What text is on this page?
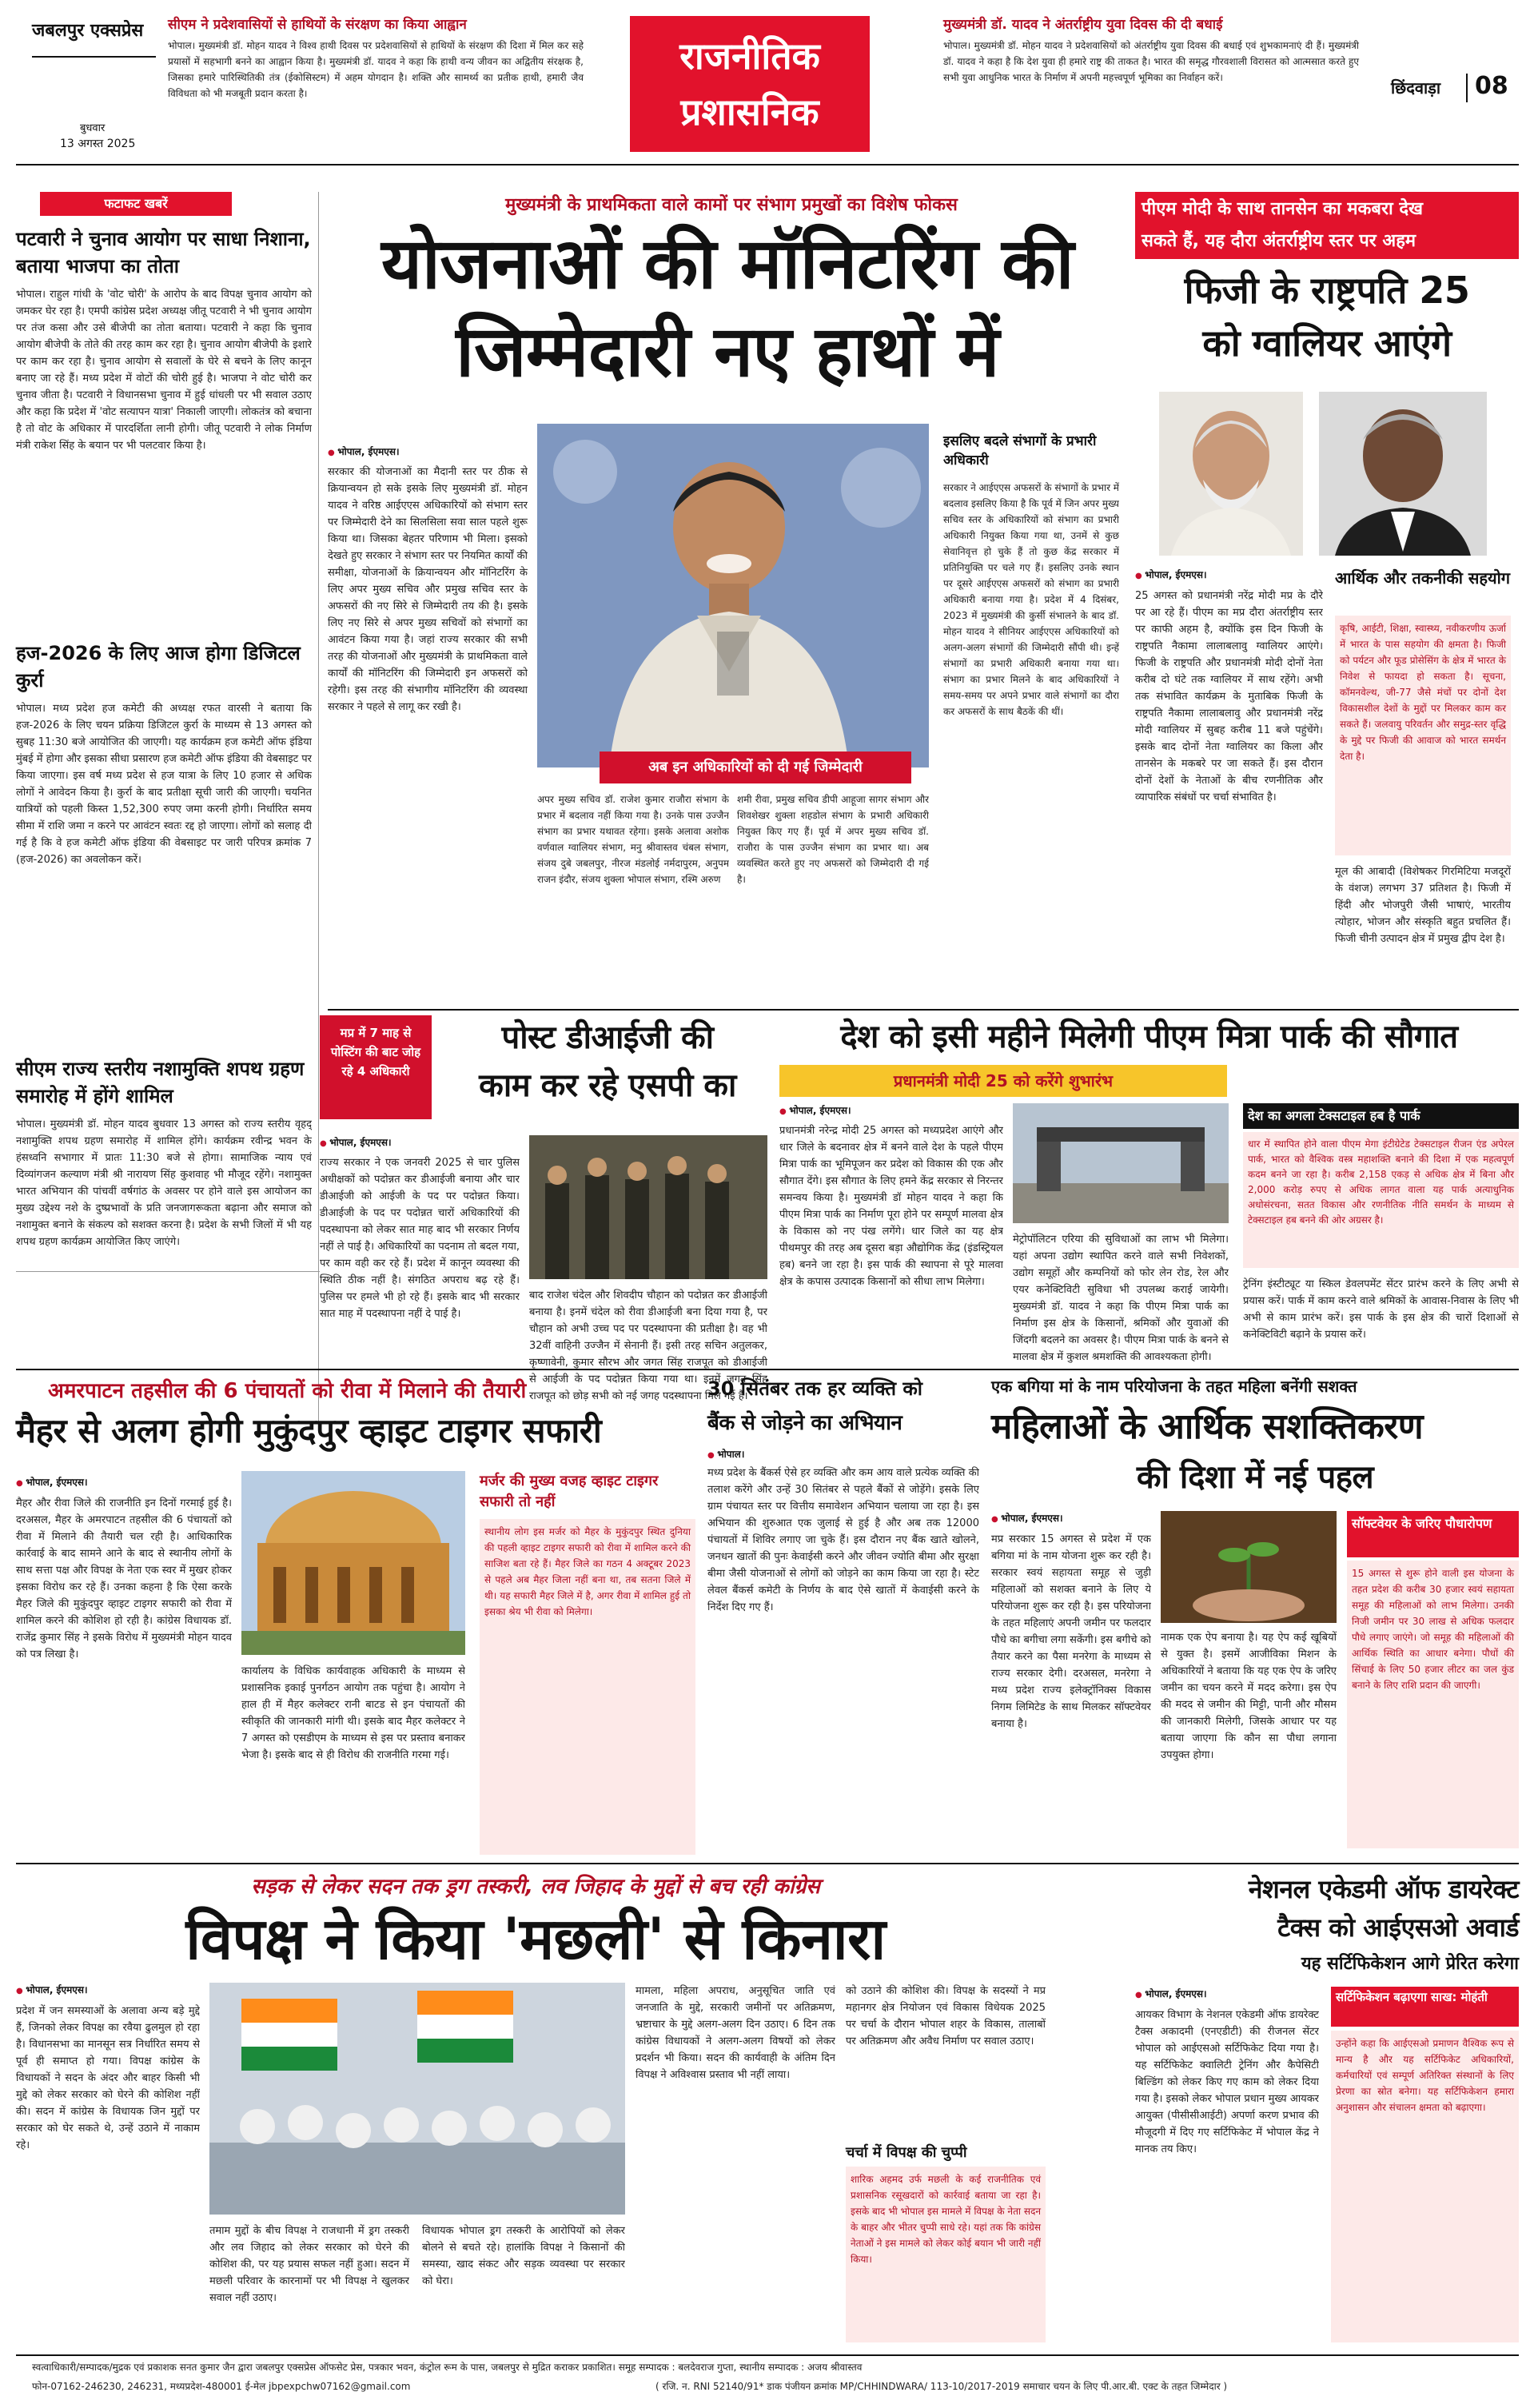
जबलपुर एक्सप्रेस
बुधवार
13 अगस्त 2025
सीएम ने प्रदेशवासियों से हाथियों के संरक्षण का किया आह्वान
भोपाल। मुख्यमंत्री डॉ. मोहन यादव ने विश्व हाथी दिवस पर प्रदेशवासियों से हाथियों के संरक्षण की दिशा में मिल कर सहे प्रयासों में सहभागी बनने का आह्वान किया है। मुख्यमंत्री डॉ. यादव ने कहा कि हाथी वन्य जीवन का अद्वितीय संरक्षक है, जिसका हमारे पारिस्थितिकी तंत्र (ईकोसिस्टम) में अहम योगदान है। शक्ति और सामर्थ्य का प्रतीक हाथी, हमारी जैव विविधता को भी मजबूती प्रदान करता है।
राजनीतिक
प्रशासनिक
मुख्यमंत्री डॉ. यादव ने अंतर्राष्ट्रीय युवा दिवस की दी बधाई
भोपाल। मुख्यमंत्री डॉ. मोहन यादव ने प्रदेशवासियों को अंतर्राष्ट्रीय युवा दिवस की बधाई एवं शुभकामनाएं दी हैं। मुख्यमंत्री डॉ. यादव ने कहा है कि देश युवा ही हमारे राष्ट्र की ताकत है। भारत की समृद्ध गौरवशाली विरासत को आत्मसात करते हुए सभी युवा आधुनिक भारत के निर्माण में अपनी महत्त्वपूर्ण भूमिका का निर्वाहन करें।
छिंदवाड़ा 08
फटाफट खबरें
पटवारी ने चुनाव आयोग पर साधा निशाना, बताया भाजपा का तोता
भोपाल। राहुल गांधी के 'वोट चोरी' के आरोप के बाद विपक्ष चुनाव आयोग को जमकर घेर रहा है। एमपी कांग्रेस प्रदेश अध्यक्ष जीतू पटवारी ने भी चुनाव आयोग पर तंज कसा और उसे बीजेपी का तोता बताया। पटवारी ने कहा कि चुनाव आयोग बीजेपी के तोते की तरह काम कर रहा है। चुनाव आयोग बीजेपी के इशारे पर काम कर रहा है। चुनाव आयोग से सवालों के घेरे से बचने के लिए कानून बनाए जा रहे हैं। मध्य प्रदेश में वोटों की चोरी हुई है। भाजपा ने वोट चोरी कर चुनाव जीता है। पटवारी ने विधानसभा चुनाव में हुई धांधली पर भी सवाल उठाए और कहा कि प्रदेश में 'वोट सत्यापन यात्रा' निकाली जाएगी। लोकतंत्र को बचाना है तो वोट के अधिकार में पारदर्शिता लानी होगी। जीतू पटवारी ने लोक निर्माण मंत्री राकेश सिंह के बयान पर भी पलटवार किया है।
हज-2026 के लिए आज होगा डिजिटल कुर्रा
भोपाल। मध्य प्रदेश हज कमेटी की अध्यक्ष रफत वारसी ने बताया कि हज-2026 के लिए चयन प्रक्रिया डिजिटल कुर्रा के माध्यम से 13 अगस्त को सुबह 11:30 बजे आयोजित की जाएगी। यह कार्यक्रम हज कमेटी ऑफ इंडिया मुंबई में होगा और इसका सीधा प्रसारण हज कमेटी ऑफ इंडिया की वेबसाइट पर किया जाएगा। इस वर्ष मध्य प्रदेश से हज यात्रा के लिए 10 हजार से अधिक लोगों ने आवेदन किया है। कुर्रा के बाद प्रतीक्षा सूची जारी की जाएगी। चयनित यात्रियों को पहली किस्त 1,52,300 रुपए जमा करनी होगी। निर्धारित समय सीमा में राशि जमा न करने पर आवंटन स्वतः रद्द हो जाएगा। लोगों को सलाह दी गई है कि वे हज कमेटी ऑफ इंडिया की वेबसाइट पर जारी परिपत्र क्रमांक 7 (हज-2026) का अवलोकन करें।
सीएम राज्य स्तरीय नशामुक्ति शपथ ग्रहण समारोह में होंगे शामिल
भोपाल। मुख्यमंत्री डॉ. मोहन यादव बुधवार 13 अगस्त को राज्य स्तरीय वृहद् नशामुक्ति शपथ ग्रहण समारोह में शामिल होंगे। कार्यक्रम रवीन्द्र भवन के हंसध्वनि सभागार में प्रातः 11:30 बजे से होगा। सामाजिक न्याय एवं दिव्यांगजन कल्याण मंत्री श्री नारायण सिंह कुशवाह भी मौजूद रहेंगे। नशामुक्त भारत अभियान की पांचवीं वर्षगांठ के अवसर पर होने वाले इस आयोजन का मुख्य उद्देश्य नशे के दुष्प्रभावों के प्रति जनजागरूकता बढ़ाना और समाज को नशामुक्त बनाने के संकल्प को सशक्त करना है। प्रदेश के सभी जिलों में भी यह शपथ ग्रहण कार्यक्रम आयोजित किए जाएंगे।
मुख्यमंत्री के प्राथमिकता वाले कामों पर संभाग प्रमुखों का विशेष फोकस
योजनाओं की मॉनिटरिंग की
जिम्मेदारी नए हाथों में
● भोपाल, ईएमएस।
सरकार की योजनाओं का मैदानी स्तर पर ठीक से क्रियान्वयन हो सके इसके लिए मुख्यमंत्री डॉ. मोहन यादव ने वरिष्ठ आईएएस अधिकारियों को संभाग स्तर पर जिम्मेदारी देने का सिलसिला सवा साल पहले शुरू किया था। जिसका बेहतर परिणाम भी मिला। इसको देखते हुए सरकार ने संभाग स्तर पर नियमित कार्यों की समीक्षा, योजनाओं के क्रियान्वयन और मॉनिटरिंग के लिए अपर मुख्य सचिव और प्रमुख सचिव स्तर के अफसरों की नए सिरे से जिम्मेदारी तय की है। इसके लिए नए सिरे से अपर मुख्य सचिवों को संभागों का आवंटन किया गया है। जहां राज्य सरकार की सभी तरह की योजनाओं और मुख्यमंत्री के प्राथमिकता वाले कार्यों की मॉनिटरिंग की जिम्मेदारी इन अफसरों को रहेगी। इस तरह की संभागीय मॉनिटरिंग की व्यवस्था सरकार ने पहले से लागू कर रखी है।
अब इन अधिकारियों को दी गई जिम्मेदारी
अपर मुख्य सचिव डॉ. राजेश कुमार राजौरा संभाग के प्रभार में बदलाव नहीं किया गया है। उनके पास उज्जैन संभाग का प्रभार यथावत रहेगा। इसके अलावा अशोक वर्णवाल ग्वालियर संभाग, मनु श्रीवास्तव चंबल संभाग, संजय दुबे जबलपुर, नीरज मंडलोई नर्मदापुरम, अनुपम राजन इंदौर, संजय शुक्ला भोपाल संभाग, रश्मि अरुण
शमी रीवा, प्रमुख सचिव डीपी आहूजा सागर संभाग और शिवशेखर शुक्ला शहडोल संभाग के प्रभारी अधिकारी नियुक्त किए गए हैं। पूर्व में अपर मुख्य सचिव डॉ. राजौरा के पास उज्जैन संभाग का प्रभार था। अब व्यवस्थित करते हुए नए अफसरों को जिम्मेदारी दी गई है।
इसलिए बदले संभागों के प्रभारी अधिकारी
सरकार ने आईएएस अफसरों के संभागों के प्रभार में बदलाव इसलिए किया है कि पूर्व में जिन अपर मुख्य सचिव स्तर के अधिकारियों को संभाग का प्रभारी अधिकारी नियुक्त किया गया था, उनमें से कुछ सेवानिवृत्त हो चुके हैं तो कुछ केंद्र सरकार में प्रतिनियुक्ति पर चले गए हैं। इसलिए उनके स्थान पर दूसरे आईएएस अफसरों को संभाग का प्रभारी अधिकारी बनाया गया है। प्रदेश में 4 दिसंबर, 2023 में मुख्यमंत्री की कुर्सी संभालने के बाद डॉ. मोहन यादव ने सीनियर आईएएस अधिकारियों को अलग-अलग संभागों की जिम्मेदारी सौंपी थी। इन्हें संभागों का प्रभारी अधिकारी बनाया गया था। संभाग का प्रभार मिलने के बाद अधिकारियों ने समय-समय पर अपने प्रभार वाले संभागों का दौरा कर अफसरों के साथ बैठकें की थीं।
पीएम मोदी के साथ तानसेन का मकबरा देख
सकते हैं, यह दौरा अंतर्राष्ट्रीय स्तर पर अहम
फिजी के राष्ट्रपति 25
को ग्वालियर आएंगे
● भोपाल, ईएमएस।
25 अगस्त को प्रधानमंत्री नरेंद्र मोदी मप्र के दौरे पर आ रहे हैं। पीएम का मप्र दौरा अंतर्राष्ट्रीय स्तर पर काफी अहम है, क्योंकि इस दिन फिजी के राष्ट्रपति नैकामा लालाबलावु ग्वालियर आएंगे। फिजी के राष्ट्रपति और प्रधानमंत्री मोदी दोनों नेता करीब दो घंटे तक ग्वालियर में साथ रहेंगे। अभी तक संभावित कार्यक्रम के मुताबिक फिजी के राष्ट्रपति नैकामा लालाबलावु और प्रधानमंत्री नरेंद्र मोदी ग्वालियर में सुबह करीब 11 बजे पहुंचेंगे। इसके बाद दोनों नेता ग्वालियर का किला और तानसेन के मकबरे पर जा सकते हैं। इस दौरान दोनों देशों के नेताओं के बीच रणनीतिक और व्यापारिक संबंधों पर चर्चा संभावित है।
आर्थिक और तकनीकी सहयोग
कृषि, आईटी, शिक्षा, स्वास्थ्य, नवीकरणीय ऊर्जा में भारत के पास सहयोग की क्षमता है। फिजी को पर्यटन और फूड प्रोसेसिंग के क्षेत्र में भारत के निवेश से फायदा हो सकता है। सूचना, कॉमनवेल्थ, जी-77 जैसे मंचों पर दोनों देश विकासशील देशों के मुद्दों पर मिलकर काम कर सकते हैं। जलवायु परिवर्तन और समुद्र-स्तर वृद्धि के मुद्दे पर फिजी की आवाज को भारत समर्थन देता है।
मूल की आबादी (विशेषकर गिरमिटिया मजदूरों के वंशज) लगभग 37 प्रतिशत है। फिजी में हिंदी और भोजपुरी जैसी भाषाएं, भारतीय त्योहार, भोजन और संस्कृति बहुत प्रचलित हैं। फिजी चीनी उत्पादन क्षेत्र में प्रमुख द्वीप देश है।
मप्र में 7 माह से पोस्टिंग की बाट जोह रहे 4 अधिकारी
पोस्ट डीआईजी की
काम कर रहे एसपी का
● भोपाल, ईएमएस।
राज्य सरकार ने एक जनवरी 2025 से चार पुलिस अधीक्षकों को पदोन्नत कर डीआईजी बनाया और चार डीआईजी को आईजी के पद पर पदोन्नत किया। डीआईजी के पद पर पदोन्नत चारों अधिकारियों की पदस्थापना को लेकर सात माह बाद भी सरकार निर्णय नहीं ले पाई है। अधिकारियों का पदनाम तो बदल गया, पर काम वही कर रहे हैं। प्रदेश में कानून व्यवस्था की स्थिति ठीक नहीं है। संगठित अपराध बढ़ रहे हैं। पुलिस पर हमले भी हो रहे हैं। इसके बाद भी सरकार सात माह में पदस्थापना नहीं दे पाई है।
बाद राजेश चंदेल और शिवदीप चौहान को पदोन्नत कर डीआईजी बनाया है। इनमें चंदेल को रीवा डीआईजी बना दिया गया है, पर चौहान को अभी उच्च पद पर पदस्थापना की प्रतीक्षा है। वह भी 32वीं वाहिनी उज्जैन में सेनानी हैं। इसी तरह सचिन अतुलकर, कृष्णावेनी, कुमार सौरभ और जगत सिंह राजपूत को डीआईजी से आईजी के पद पदोन्नत किया गया था। इनमें जगत सिंह राजपूत को छोड़ सभी को नई जगह पदस्थापना मिल गई है।
देश को इसी महीने मिलेगी पीएम मित्रा पार्क की सौगात
प्रधानमंत्री मोदी 25 को करेंगे शुभारंभ
● भोपाल, ईएमएस।
प्रधानमंत्री नरेन्द्र मोदी 25 अगस्त को मध्यप्रदेश आएंगे और धार जिले के बदनावर क्षेत्र में बनने वाले देश के पहले पीएम मित्रा पार्क का भूमिपूजन कर प्रदेश को विकास की एक और सौगात देंगे। इस सौगात के लिए हमने केंद्र सरकार से निरन्तर समन्वय किया है। मुख्यमंत्री डॉ मोहन यादव ने कहा कि पीएम मित्रा पार्क का निर्माण पूरा होने पर सम्पूर्ण मालवा क्षेत्र के विकास को नए पंख लगेंगे। धार जिले का यह क्षेत्र पीथमपुर की तरह अब दूसरा बड़ा औद्योगिक केंद्र (इंडस्ट्रियल हब) बनने जा रहा है। इस पार्क की स्थापना से पूरे मालवा क्षेत्र के कपास उत्पादक किसानों को सीधा लाभ मिलेगा।
मेट्रोपॉलिटन एरिया की सुविधाओं का लाभ भी मिलेगा। यहां अपना उद्योग स्थापित करने वाले सभी निवेशकों, उद्योग समूहों और कम्पनियों को फोर लेन रोड, रेल और एयर कनेक्टिविटी सुविधा भी उपलब्ध कराई जायेगी। मुख्यमंत्री डॉ. यादव ने कहा कि पीएम मित्रा पार्क का निर्माण इस क्षेत्र के किसानों, श्रमिकों और युवाओं की जिंदगी बदलने का अवसर है। पीएम मित्रा पार्क के बनने से मालवा क्षेत्र में कुशल श्रमशक्ति की आवश्यकता होगी।
देश का अगला टेक्सटाइल हब है पार्क
धार में स्थापित होने वाला पीएम मेगा इंटीग्रेटेड टेक्सटाइल रीजन एंड अपेरल पार्क, भारत को वैश्विक वस्त्र महाशक्ति बनाने की दिशा में एक महत्वपूर्ण कदम बनने जा रहा है। करीब 2,158 एकड़ से अधिक क्षेत्र में बिना और 2,000 करोड़ रुपए से अधिक लागत वाला यह पार्क अत्याधुनिक अधोसंरचना, सतत विकास और रणनीतिक नीति समर्थन के माध्यम से टेक्सटाइल हब बनने की ओर अग्रसर है।
ट्रेनिंग इंस्टीट्यूट या स्किल डेवलपमेंट सेंटर प्रारंभ करने के लिए अभी से प्रयास करें। पार्क में काम करने वाले श्रमिकों के आवास-निवास के लिए भी अभी से काम प्रारंभ करें। इस पार्क के इस क्षेत्र की चारों दिशाओं से कनेक्टिविटी बढ़ाने के प्रयास करें।
अमरपाटन तहसील की 6 पंचायतों को रीवा में मिलाने की तैयारी
मैहर से अलग होगी मुकुंदपुर व्हाइट टाइगर सफारी
● भोपाल, ईएमएस।
मैहर और रीवा जिले की राजनीति इन दिनों गरमाई हुई है। दरअसल, मैहर के अमरपाटन तहसील की 6 पंचायतों को रीवा में मिलाने की तैयारी चल रही है। आधिकारिक कार्रवाई के बाद सामने आने के बाद से स्थानीय लोगों के साथ सत्ता पक्ष और विपक्ष के नेता एक स्वर में मुखर होकर इसका विरोध कर रहे हैं। उनका कहना है कि ऐसा करके मैहर जिले की मुकुंदपुर व्हाइट टाइगर सफारी को रीवा में शामिल करने की कोशिश हो रही है। कांग्रेस विधायक डॉ. राजेंद्र कुमार सिंह ने इसके विरोध में मुख्यमंत्री मोहन यादव को पत्र लिखा है।
कार्यालय के विधिक कार्यवाहक अधिकारी के माध्यम से प्रशासनिक इकाई पुनर्गठन आयोग तक पहुंचा है। आयोग ने हाल ही में मैहर कलेक्टर रानी बाटड से इन पंचायतों की स्वीकृति की जानकारी मांगी थी। इसके बाद मैहर कलेक्टर ने 7 अगस्त को एसडीएम के माध्यम से इस पर प्रस्ताव बनाकर भेजा है। इसके बाद से ही विरोध की राजनीति गरमा गई।
मर्जर की मुख्य वजह व्हाइट टाइगर सफारी तो नहीं
स्थानीय लोग इस मर्जर को मैहर के मुकुंदपुर स्थित दुनिया की पहली व्हाइट टाइगर सफारी को रीवा में शामिल करने की साजिश बता रहे हैं। मैहर जिले का गठन 4 अक्टूबर 2023 से पहले अब मैहर जिला नहीं बना था, तब सतना जिले में थी। यह सफारी मैहर जिले में है, अगर रीवा में शामिल हुई तो इसका श्रेय भी रीवा को मिलेगा।
30 सितंबर तक हर व्यक्ति को
बैंक से जोड़ने का अभियान
● भोपाल।
मध्य प्रदेश के बैंकर्स ऐसे हर व्यक्ति और कम आय वाले प्रत्येक व्यक्ति की तलाश करेंगे और उन्हें 30 सितंबर से पहले बैंकों से जोड़ेंगे। इसके लिए ग्राम पंचायत स्तर पर वित्तीय समावेशन अभियान चलाया जा रहा है। इस अभियान की शुरुआत एक जुलाई से हुई है और अब तक 12000 पंचायतों में शिविर लगाए जा चुके हैं। इस दौरान नए बैंक खाते खोलने, जनधन खातों की पुनः केवाईसी करने और जीवन ज्योति बीमा और सुरक्षा बीमा जैसी योजनाओं से लोगों को जोड़ने का काम किया जा रहा है। स्टेट लेवल बैंकर्स कमेटी के निर्णय के बाद ऐसे खातों में केवाईसी करने के निर्देश दिए गए हैं।
एक बगिया मां के नाम परियोजना के तहत महिला बनेंगी सशक्त
महिलाओं के आर्थिक सशक्तिकरण
की दिशा में नई पहल
● भोपाल, ईएमएस।
मप्र सरकार 15 अगस्त से प्रदेश में एक बगिया मां के नाम योजना शुरू कर रही है। सरकार स्वयं सहायता समूह से जुड़ी महिलाओं को सशक्त बनाने के लिए ये परियोजना शुरू कर रही है। इस परियोजना के तहत महिलाएं अपनी जमीन पर फलदार पौधे का बगीचा लगा सकेंगी। इस बगीचे को तैयार करने का पैसा मनरेगा के माध्यम से राज्य सरकार देगी। दरअसल, मनरेगा ने मध्य प्रदेश राज्य इलेक्ट्रॉनिक्स विकास निगम लिमिटेड के साथ मिलकर सॉफ्टवेयर बनाया है।
नामक एक ऐप बनाया है। यह ऐप कई खूबियों से युक्त है। इसमें आजीविका मिशन के अधिकारियों ने बताया कि यह एक ऐप के जरिए जमीन का चयन करने में मदद करेगा। इस ऐप की मदद से जमीन की मिट्टी, पानी और मौसम की जानकारी मिलेगी, जिसके आधार पर यह बताया जाएगा कि कौन सा पौधा लगाना उपयुक्त होगा।
सॉफ्टवेयर के जरिए पौधारोपण
15 अगस्त से शुरू होने वाली इस योजना के तहत प्रदेश की करीब 30 हजार स्वयं सहायता समूह की महिलाओं को लाभ मिलेगा। उनकी निजी जमीन पर 30 लाख से अधिक फलदार पौधे लगाए जाएंगे। जो समूह की महिलाओं की आर्थिक स्थिति का आधार बनेगा। पौधों की सिंचाई के लिए 50 हजार लीटर का जल कुंड बनाने के लिए राशि प्रदान की जाएगी।
सड़क से लेकर सदन तक ड्रग तस्करी, लव जिहाद के मुद्दों से बच रही कांग्रेस
विपक्ष ने किया 'मछली' से किनारा
● भोपाल, ईएमएस।
प्रदेश में जन समस्याओं के अलावा अन्य बड़े मुद्दे हैं, जिनको लेकर विपक्ष का रवैया ढुलमुल हो रहा है। विधानसभा का मानसून सत्र निर्धारित समय से पूर्व ही समाप्त हो गया। विपक्ष कांग्रेस के विधायकों ने सदन के अंदर और बाहर किसी भी मुद्दे को लेकर सरकार को घेरने की कोशिश नहीं की। सदन में कांग्रेस के विधायक जिन मुद्दों पर सरकार को घेर सकते थे, उन्हें उठाने में नाकाम रहे।
तमाम मुद्दों के बीच विपक्ष ने राजधानी में ड्रग तस्करी और लव जिहाद को लेकर सरकार को घेरने की कोशिश की, पर यह प्रयास सफल नहीं हुआ। सदन में मछली परिवार के कारनामों पर भी विपक्ष ने खुलकर सवाल नहीं उठाए।
विधायक भोपाल ड्रग तस्करी के आरोपियों को लेकर बोलने से बचते रहे। हालांकि विपक्ष ने किसानों की समस्या, खाद संकट और सड़क व्यवस्था पर सरकार को घेरा।
मामला, महिला अपराध, अनुसूचित जाति एवं जनजाति के मुद्दे, सरकारी जमीनों पर अतिक्रमण, भ्रष्टाचार के मुद्दे अलग-अलग दिन उठाए। 6 दिन तक कांग्रेस विधायकों ने अलग-अलग विषयों को लेकर प्रदर्शन भी किया। सदन की कार्यवाही के अंतिम दिन विपक्ष ने अविश्वास प्रस्ताव भी नहीं लाया।
को उठाने की कोशिश की। विपक्ष के सदस्यों ने मप्र महानगर क्षेत्र नियोजन एवं विकास विधेयक 2025 पर चर्चा के दौरान भोपाल शहर के विकास, तालाबों पर अतिक्रमण और अवैध निर्माण पर सवाल उठाए।
चर्चा में विपक्ष की चुप्पी
शारिक अहमद उर्फ मछली के कई राजनीतिक एवं प्रशासनिक रसूखदारों को कार्रवाई बताया जा रहा है। इसके बाद भी भोपाल इस मामले में विपक्ष के नेता सदन के बाहर और भीतर चुप्पी साधे रहे। यहां तक कि कांग्रेस नेताओं ने इस मामले को लेकर कोई बयान भी जारी नहीं किया।
नेशनल एकेडमी ऑफ डायरेक्ट
टैक्स को आईएसओ अवार्ड
यह सर्टिफिकेशन आगे प्रेरित करेगा
● भोपाल, ईएमएस।
आयकर विभाग के नेशनल एकेडमी ऑफ डायरेक्ट टैक्स अकादमी (एनएडीटी) की रीजनल सेंटर भोपाल को आईएसओ सर्टिफिकेट दिया गया है। यह सर्टिफिकेट क्वालिटी ट्रेनिंग और कैपेसिटी बिल्डिंग को लेकर किए गए काम को लेकर दिया गया है। इसको लेकर भोपाल प्रधान मुख्य आयकर आयुक्त (पीसीसीआईटी) अपर्णा करण प्रभाव की मौजूदगी में दिए गए सर्टिफिकेट में भोपाल केंद्र ने मानक तय किए।
सर्टिफिकेशन बढ़ाएगा साख: मोहंती
उन्होंने कहा कि आईएसओ प्रमाणन वैश्विक रूप से मान्य है और यह सर्टिफिकेट अधिकारियों, कर्मचारियों एवं सम्पूर्ण अतिरिक्त संस्थानों के लिए प्रेरणा का स्रोत बनेगा। यह सर्टिफिकेशन हमारा अनुशासन और संचालन क्षमता को बढ़ाएगा।
स्वत्वाधिकारी/सम्पादक/मुद्रक एवं प्रकाशक सनत कुमार जैन द्वारा जबलपुर एक्सप्रेस ऑफसेट प्रेस, पत्रकार भवन, कंट्रोल रूम के पास, जबलपुर से मुद्रित कराकर प्रकाशित। समूह सम्पादक : बलदेवराज गुप्ता, स्थानीय सम्पादक : अजय श्रीवास्तव
फोन-07162-246230, 246231, मध्यप्रदेश-480001 ई-मेल jbpexpchw07162@gmail.com	( रजि. न. RNI 52140/91* डाक पंजीयन क्रमांक MP/CHHINDWARA/ 113-10/2017-2019 समाचार चयन के लिए पी.आर.बी. एक्ट के तहत जिम्मेदार )
